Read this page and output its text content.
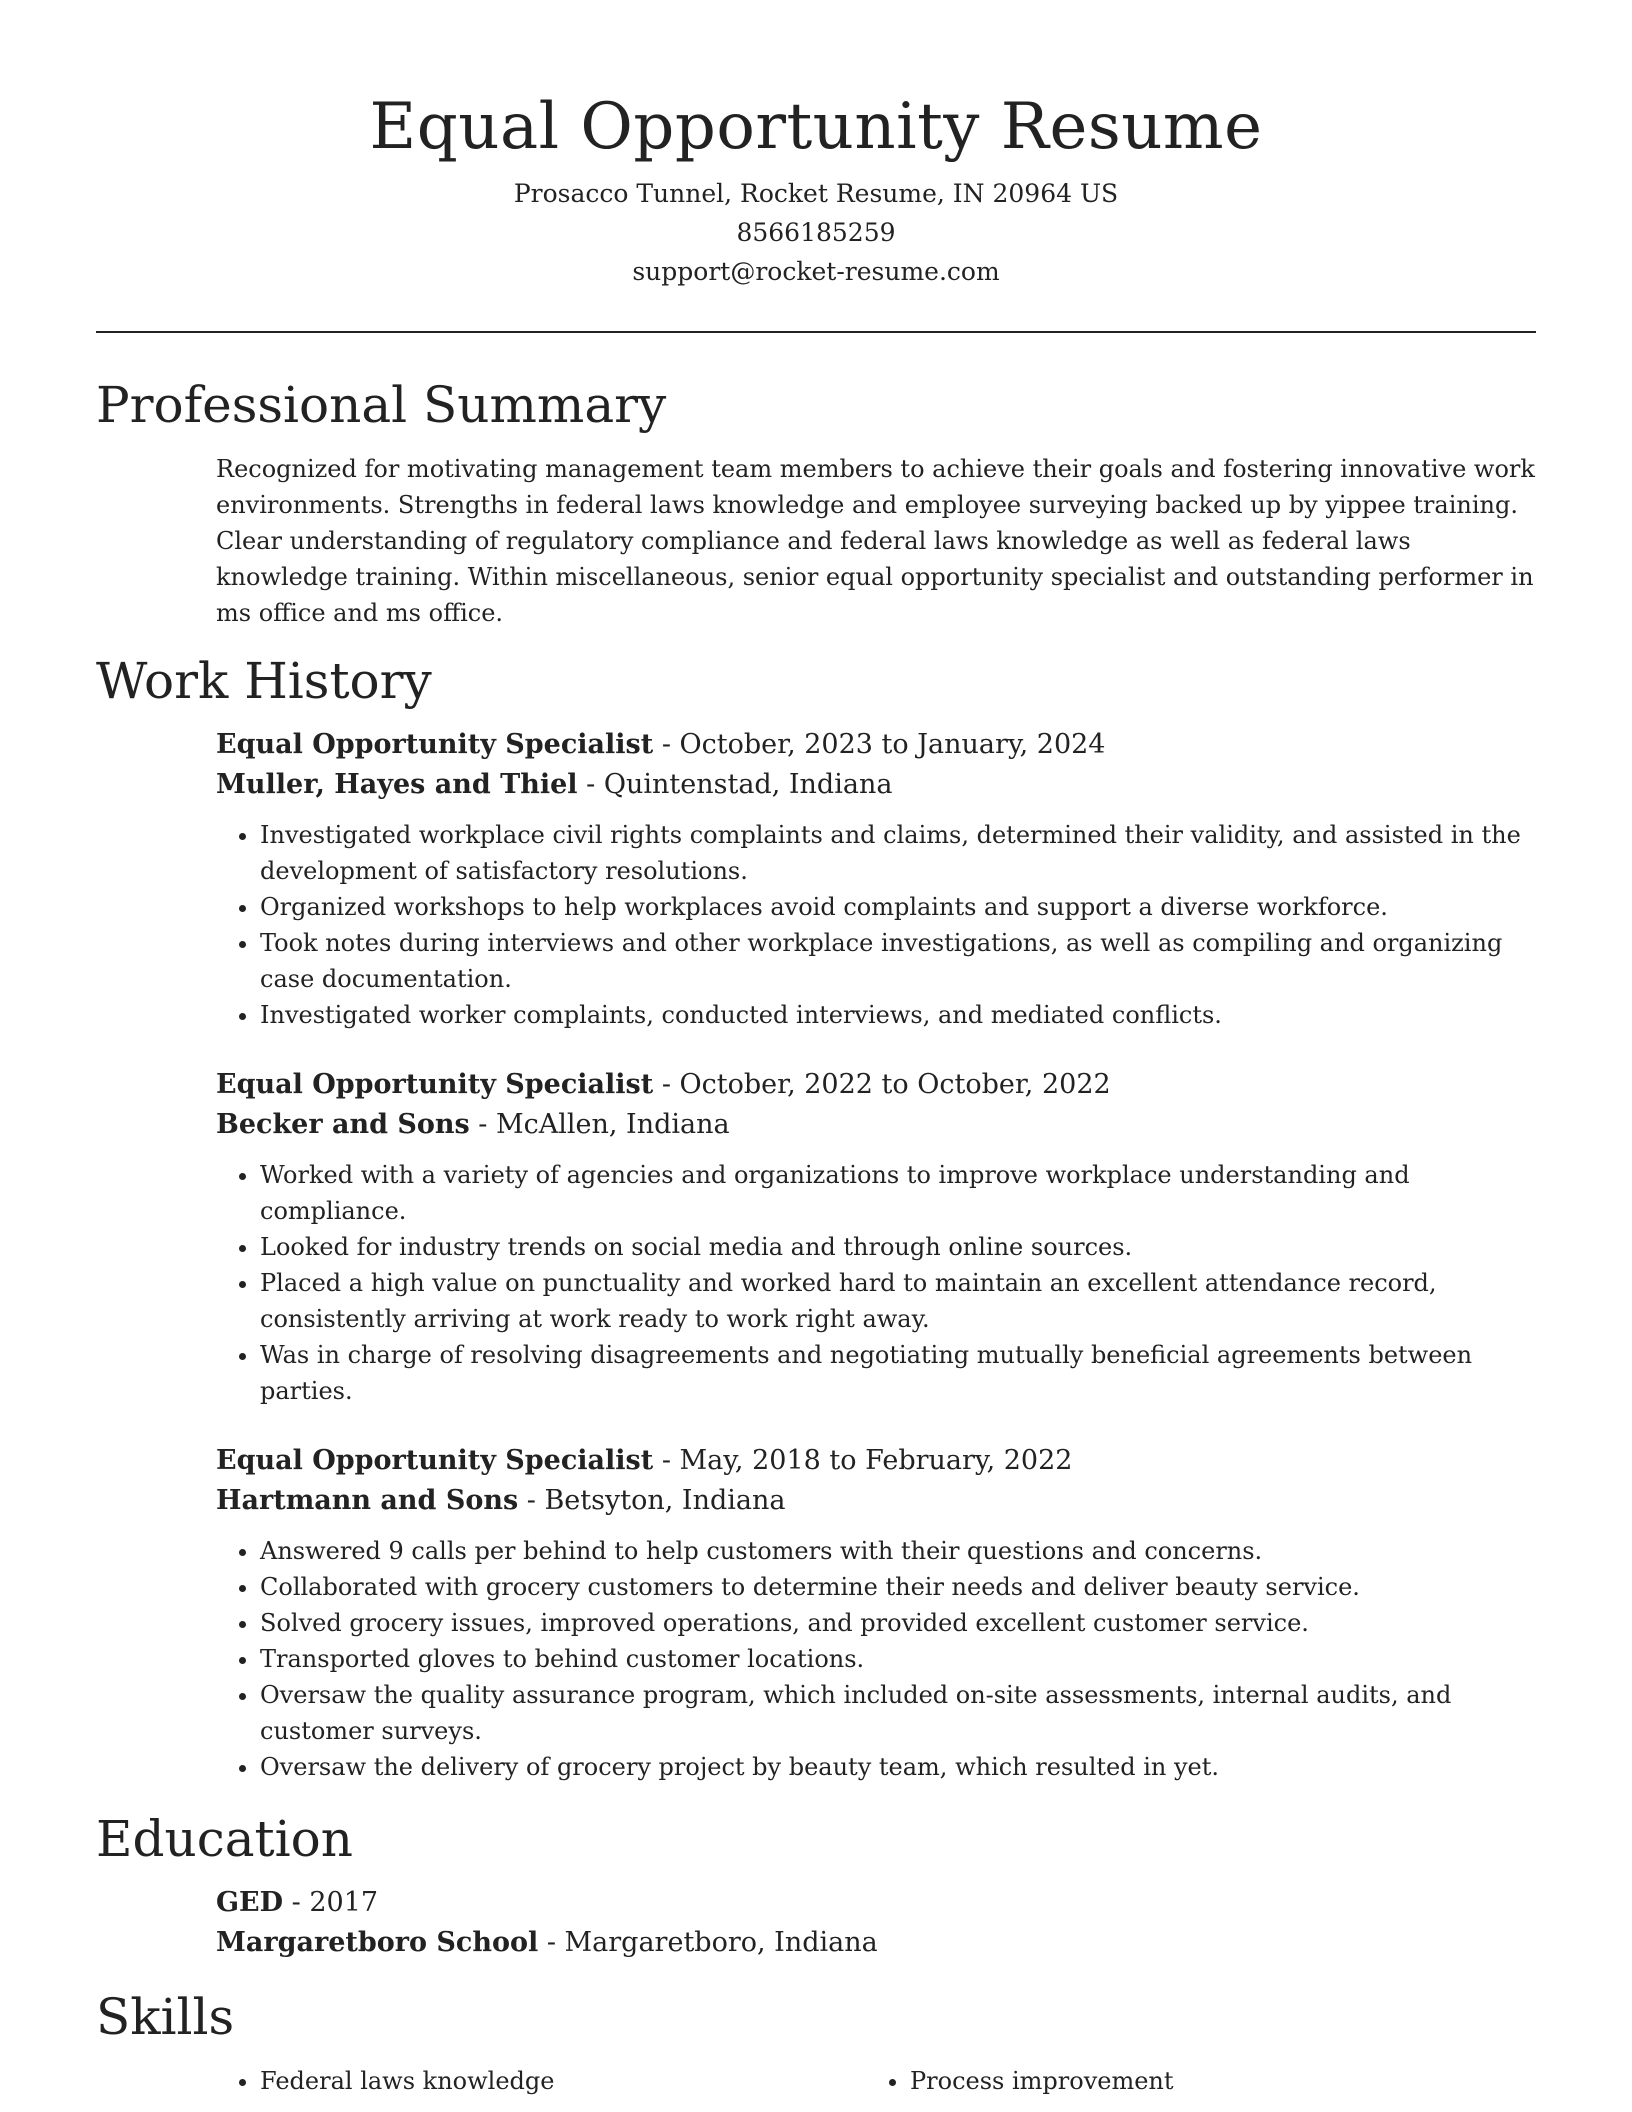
Equal Opportunity Resume
Prosacco Tunnel, Rocket Resume, IN 20964 US
8566185259
support@rocket-resume.com
Professional Summary

Recognized for motivating management team members to achieve their goals and fostering innovative work environments. Strengths in federal laws knowledge and employee surveying backed up by yippee training. Clear understanding of regulatory compliance and federal laws knowledge as well as federal laws knowledge training. Within miscellaneous, senior equal opportunity specialist and outstanding performer in ms office and ms office.

Work History
Equal Opportunity Specialist - October, 2023 to January, 2024
Muller, Hayes and Thiel - Quintenstad, Indiana
• Investigated workplace civil rights complaints and claims, determined their validity, and assisted in the development of satisfactory resolutions.
• Organized workshops to help workplaces avoid complaints and support a diverse workforce.
• Took notes during interviews and other workplace investigations, as well as compiling and organizing case documentation.
• Investigated worker complaints, conducted interviews, and mediated conflicts.
Equal Opportunity Specialist - October, 2022 to October, 2022
Becker and Sons - McAllen, Indiana
• Worked with a variety of agencies and organizations to improve workplace understanding and compliance.
• Looked for industry trends on social media and through online sources.
• Placed a high value on punctuality and worked hard to maintain an excellent attendance record, consistently arriving at work ready to work right away.
• Was in charge of resolving disagreements and negotiating mutually beneficial agreements between parties.
Equal Opportunity Specialist - May, 2018 to February, 2022
Hartmann and Sons - Betsyton, Indiana
• Answered 9 calls per behind to help customers with their questions and concerns.
• Collaborated with grocery customers to determine their needs and deliver beauty service.
• Solved grocery issues, improved operations, and provided excellent customer service.
• Transported gloves to behind customer locations.
• Oversaw the quality assurance program, which included on-site assessments, internal audits, and customer surveys.
• Oversaw the delivery of grocery project by beauty team, which resulted in yet.
Education
GED - 2017
Margaretboro School - Margaretboro, Indiana
Skills
• Federal laws knowledge
•	Process improvement
